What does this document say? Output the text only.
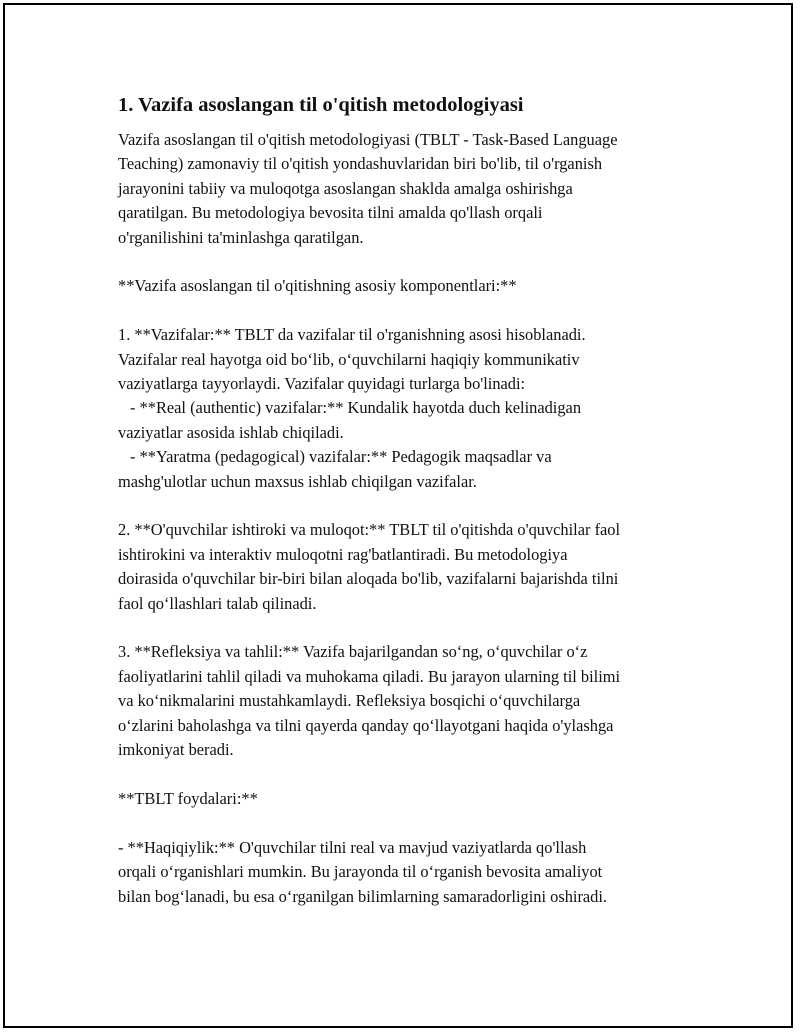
1. Vazifa asoslangan til o'qitish metodologiyasi

Vazifa asoslangan til o'qitish metodologiyasi (TBLT - Task-Based Language
Teaching) zamonaviy til o'qitish yondashuvlaridan biri bo'lib, til o'rganish
jarayonini tabiiy va muloqotga asoslangan shaklda amalga oshirishga
qaratilgan. Bu metodologiya bevosita tilni amalda qo'llash orqali
o'rganilishini ta'minlashga qaratilgan.

**Vazifa asoslangan til o'qitishning asosiy komponentlari:**

1. **Vazifalar:** TBLT da vazifalar til o'rganishning asosi hisoblanadi.
Vazifalar real hayotga oid bo‘lib, o‘quvchilarni haqiqiy kommunikativ
vaziyatlarga tayyorlaydi. Vazifalar quyidagi turlarga bo'linadi:
- **Real (authentic) vazifalar:** Kundalik hayotda duch kelinadigan
vaziyatlar asosida ishlab chiqiladi.
- **Yaratma (pedagogical) vazifalar:** Pedagogik maqsadlar va
mashg'ulotlar uchun maxsus ishlab chiqilgan vazifalar.

2. **O'quvchilar ishtiroki va muloqot:** TBLT til o'qitishda o'quvchilar faol
ishtirokini va interaktiv muloqotni rag'batlantiradi. Bu metodologiya
doirasida o'quvchilar bir-biri bilan aloqada bo'lib, vazifalarni bajarishda tilni
faol qo‘llashlari talab qilinadi.

3. **Refleksiya va tahlil:** Vazifa bajarilgandan so‘ng, o‘quvchilar o‘z
faoliyatlarini tahlil qiladi va muhokama qiladi. Bu jarayon ularning til bilimi
va ko‘nikmalarini mustahkamlaydi. Refleksiya bosqichi o‘quvchilarga
o‘zlarini baholashga va tilni qayerda qanday qo‘llayotgani haqida o'ylashga
imkoniyat beradi.

**TBLT foydalari:**

- **Haqiqiylik:** O'quvchilar tilni real va mavjud vaziyatlarda qo'llash
orqali o‘rganishlari mumkin. Bu jarayonda til o‘rganish bevosita amaliyot
bilan bog‘lanadi, bu esa o‘rganilgan bilimlarning samaradorligini oshiradi.
